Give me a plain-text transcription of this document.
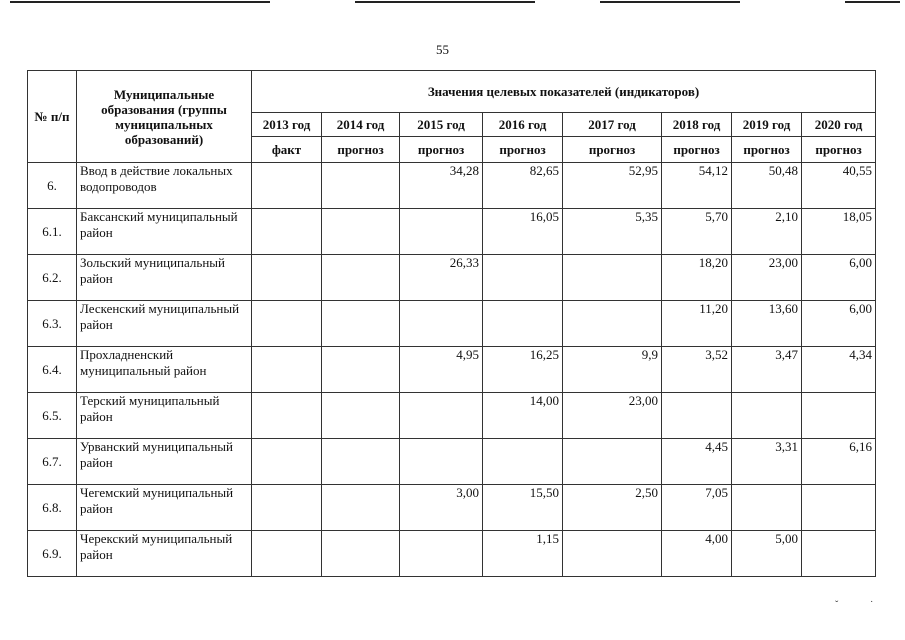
55
№ п/п	Муниципальные образования (группы муниципальных образований)	Значения целевых показателей (индикаторов)							
		2013 год	2014 год	2015 год	2016 год	2017 год	2018 год	2019 год	2020 год
		факт	прогноз	прогноз	прогноз	прогноз	прогноз	прогноз	прогноз
6.	Ввод в действие локальных водопроводов			34,28	82,65	52,95	54,12	50,48	40,55
6.1.	Баксанский муниципальный район				16,05	5,35	5,70	2,10	18,05
6.2.	Зольский муниципальный район			26,33			18,20	23,00	6,00
6.3.	Лескенский муниципальный район						11,20	13,60	6,00
6.4.	Прохладненский муниципальный район			4,95	16,25	9,9	3,52	3,47	4,34
6.5.	Терский муниципальный район				14,00	23,00			
6.7.	Урванский муниципальный район						4,45	3,31	6,16
6.8.	Чегемский муниципальный район			3,00	15,50	2,50	7,05		
6.9.	Черекский муниципальный район				1,15		4,00	5,00	
ˇ	˙
